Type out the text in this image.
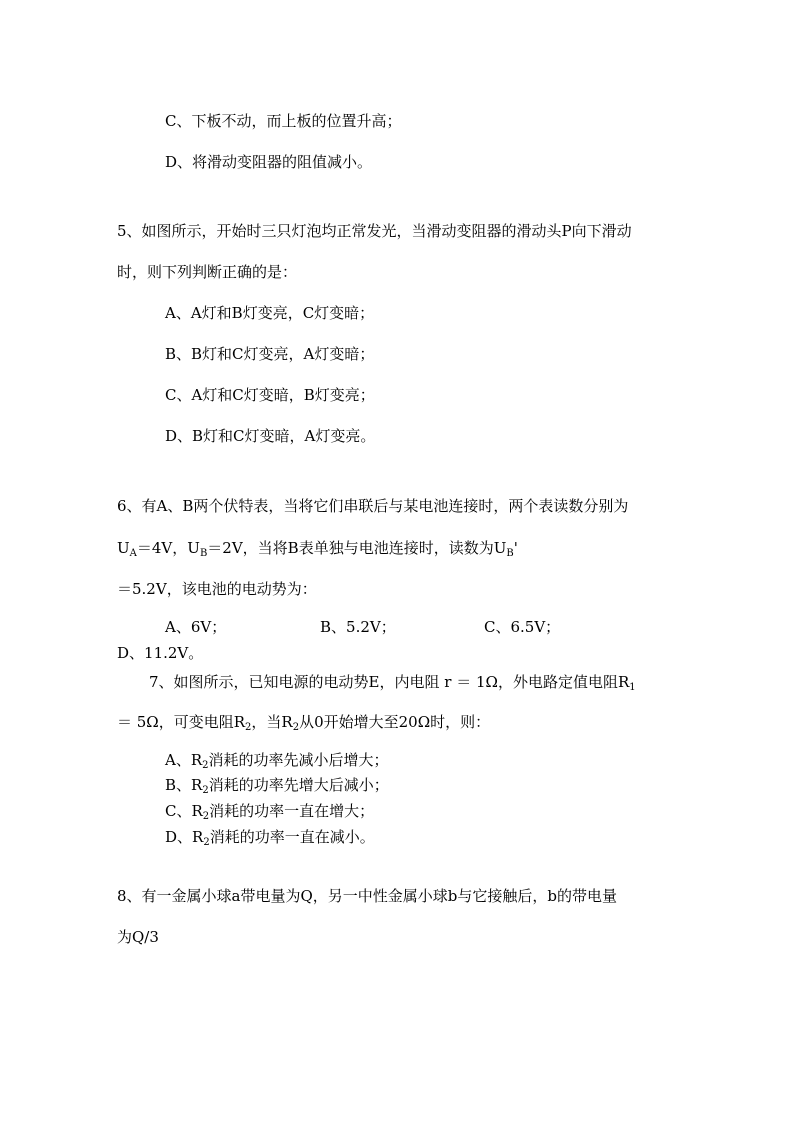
C、下板不动，而上板的位置升高；
D、将滑动变阻器的阻值减小。
5、如图所示，开始时三只灯泡均正常发光，当滑动变阻器的滑动头P向下滑动
时，则下列判断正确的是：
A、A灯和B灯变亮，C灯变暗；
B、B灯和C灯变亮，A灯变暗；
C、A灯和C灯变暗，B灯变亮；
D、B灯和C灯变暗，A灯变亮。
6、有A、B两个伏特表，当将它们串联后与某电池连接时，两个表读数分别为
$U_A=4V$，$U_B=2V$，当将B表单独与电池连接时，读数为$U_B'$
＝5.2V，该电池的电动势为：
A、6V；	B、5.2V；	C、6.5V；
D、11.2V。
7、如图所示，已知电源的电动势E，内电阻 r ＝ 1Ω，外电路定值电阻$R_1$
＝ 5Ω，可变电阻$R_2$，当$R_2$从0开始增大至20Ω时，则：
A、$R_2$消耗的功率先减小后增大；
B、$R_2$消耗的功率先增大后减小；
C、$R_2$消耗的功率一直在增大；
D、$R_2$消耗的功率一直在减小。
8、有一金属小球a带电量为Q，另一中性金属小球b与它接触后，b的带电量
为Q/3
